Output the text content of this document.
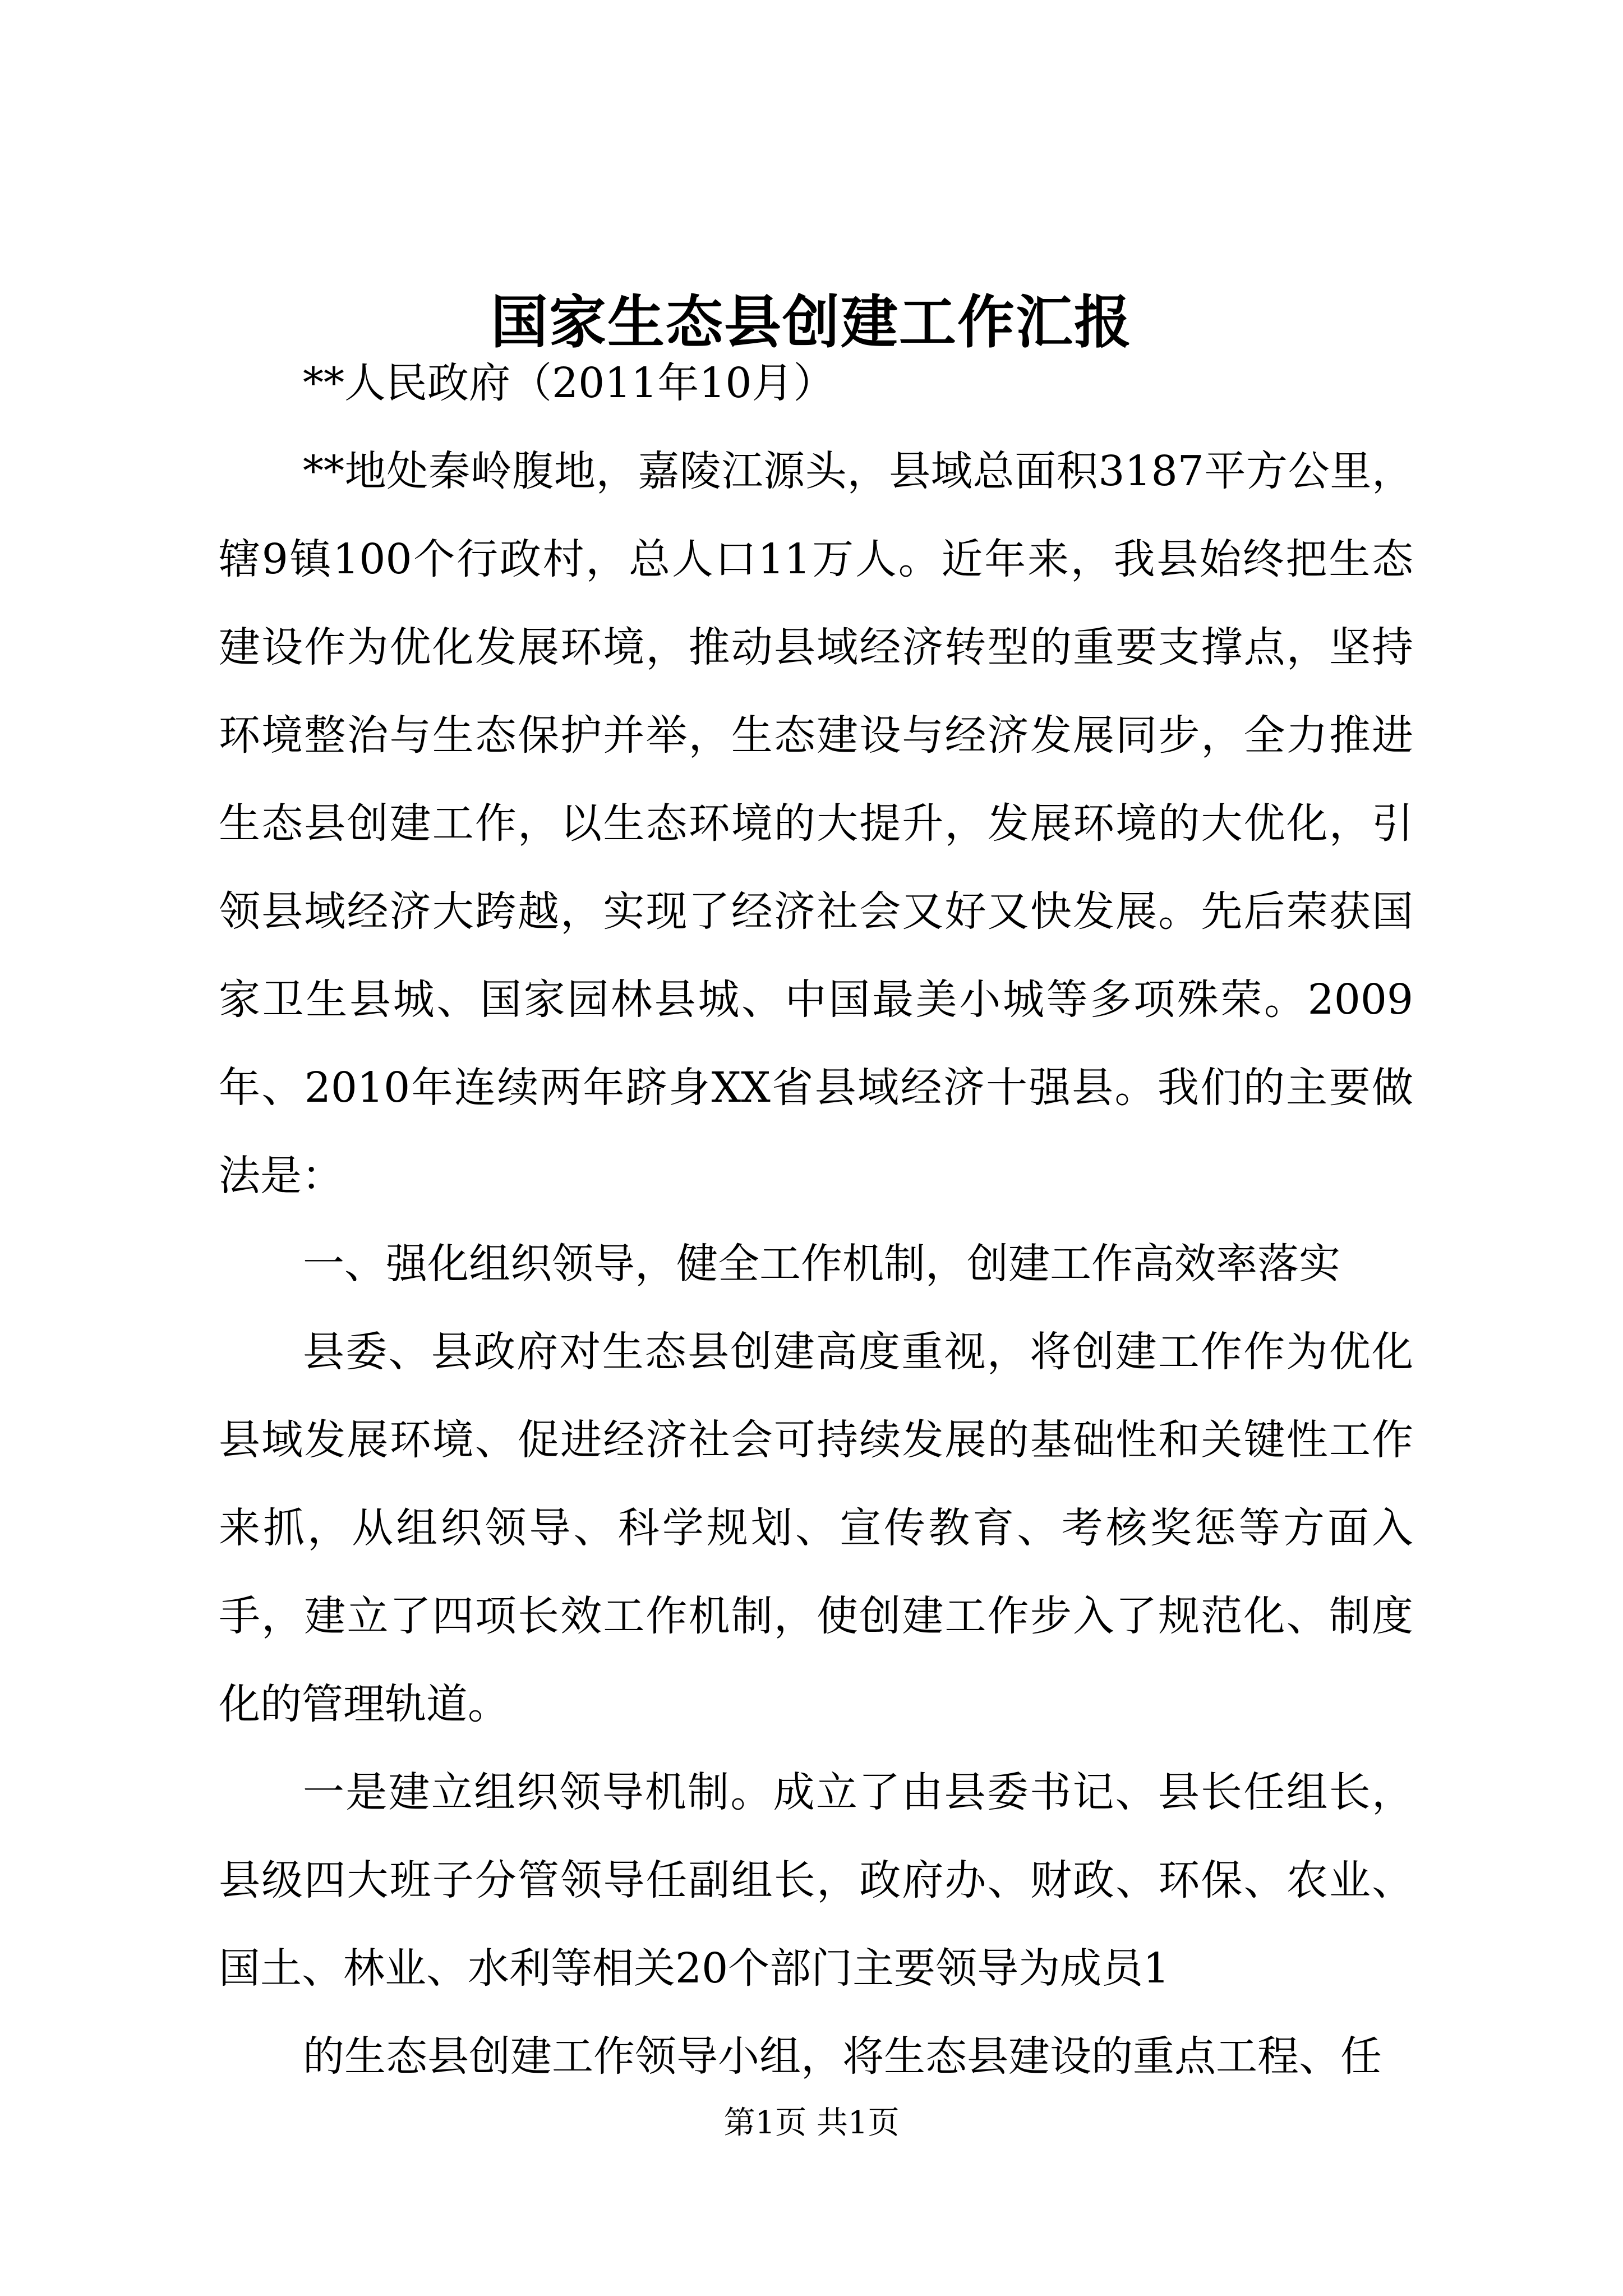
国家生态县创建工作汇报

**人民政府（2011年10月）

**地处秦岭腹地，嘉陵江源头，县域总面积3187平方公里，辖9镇100个行政村，总人口11万人。近年来，我县始终把生态建设作为优化发展环境，推动县域经济转型的重要支撑点，坚持环境整治与生态保护并举，生态建设与经济发展同步，全力推进生态县创建工作，以生态环境的大提升，发展环境的大优化，引领县域经济大跨越，实现了经济社会又好又快发展。先后荣获国家卫生县城、国家园林县城、中国最美小城等多项殊荣。2009年、2010年连续两年跻身XX省县域经济十强县。我们的主要做法是：

一、强化组织领导，健全工作机制，创建工作高效率落实

县委、县政府对生态县创建高度重视，将创建工作作为优化县域发展环境、促进经济社会可持续发展的基础性和关键性工作来抓，从组织领导、科学规划、宣传教育、考核奖惩等方面入手，建立了四项长效工作机制，使创建工作步入了规范化、制度化的管理轨道。

一是建立组织领导机制。成立了由县委书记、县长任组长，县级四大班子分管领导任副组长，政府办、财政、环保、农业、国土、林业、水利等相关20个部门主要领导为成员1

的生态县创建工作领导小组，将生态县建设的重点工程、任

第1页 共1页
